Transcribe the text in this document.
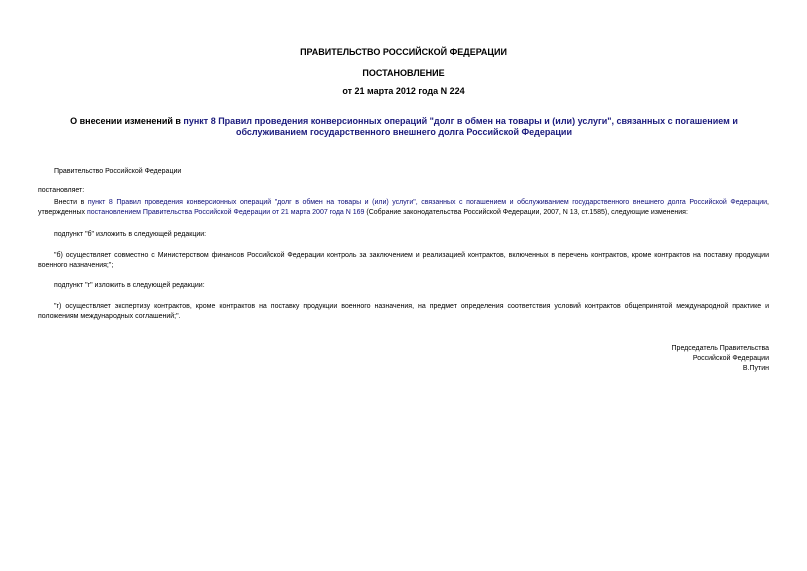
ПРАВИТЕЛЬСТВО РОССИЙСКОЙ ФЕДЕРАЦИИ

ПОСТАНОВЛЕНИЕ

от 21 марта 2012 года N 224

О внесении изменений в пункт 8 Правил проведения конверсионных операций "долг в обмен на товары и (или) услуги", связанных с погашением и обслуживанием государственного внешнего долга Российской Федерации

Правительство Российской Федерации

постановляет:

Внести в пункт 8 Правил проведения конверсионных операций "долг в обмен на товары и (или) услуги", связанных с погашением и обслуживанием государственного внешнего долга Российской Федерации, утвержденных постановлением Правительства Российской Федерации от 21 марта 2007 года N 169 (Собрание законодательства Российской Федерации, 2007, N 13, ст.1585), следующие изменения:

подпункт "б" изложить в следующей редакции:

"б) осуществляет совместно с Министерством финансов Российской Федерации контроль за заключением и реализацией контрактов, включенных в перечень контрактов, кроме контрактов на поставку продукции военного назначения;";

подпункт "г" изложить в следующей редакции:

"г) осуществляет экспертизу контрактов, кроме контрактов на поставку продукции военного назначения, на предмет определения соответствия условий контрактов общепринятой международной практике и положениям международных соглашений;".

Председатель Правительства

Российской Федерации

В.Путин
